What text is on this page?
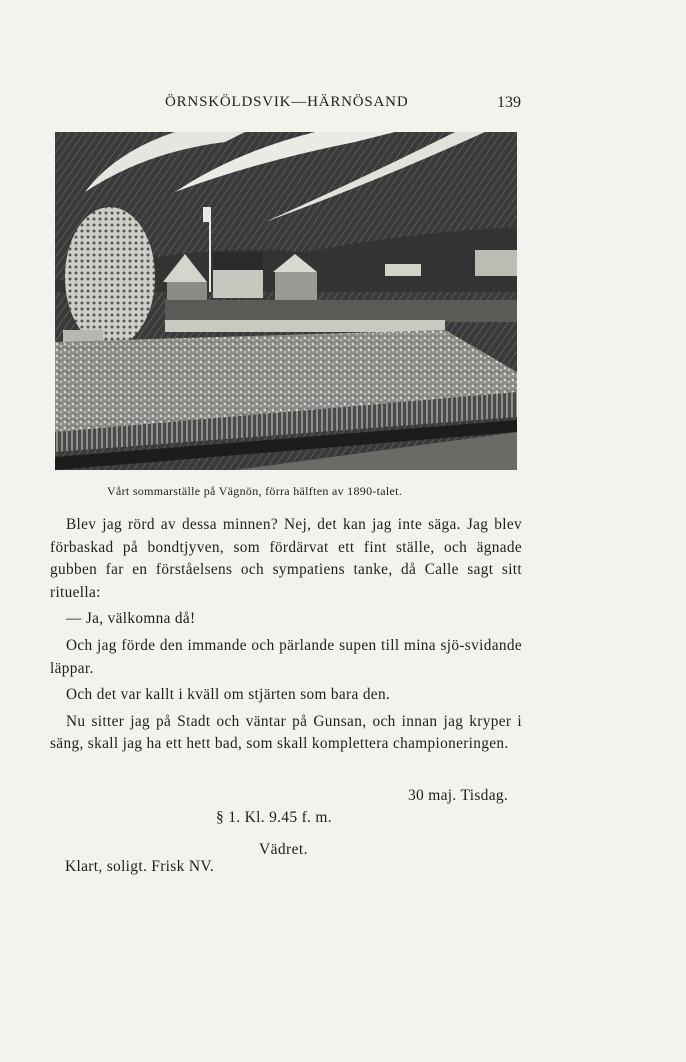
ÖRNSKÖLDSVIK—HÄRNÖSAND	139
Vårt sommarställe på Vägnön, förra hälften av 1890-talet.

Blev jag rörd av dessa minnen? Nej, det kan jag inte säga. Jag blev förbaskad på bondtjyven, som fördärvat ett fint ställe, och ägnade gubben far en förståelsens och sympatiens tanke, då Calle sagt sitt rituella:

— Ja, välkomna då!

Och jag förde den immande och pärlande supen till mina sjö-svidande läppar.

Och det var kallt i kväll om stjärten som bara den.

Nu sitter jag på Stadt och väntar på Gunsan, och innan jag kryper i säng, skall jag ha ett hett bad, som skall komplettera championeringen.

30 maj. Tisdag.
§ 1. Kl. 9.45 f. m.
Vädret.
Klart, soligt. Frisk NV.
